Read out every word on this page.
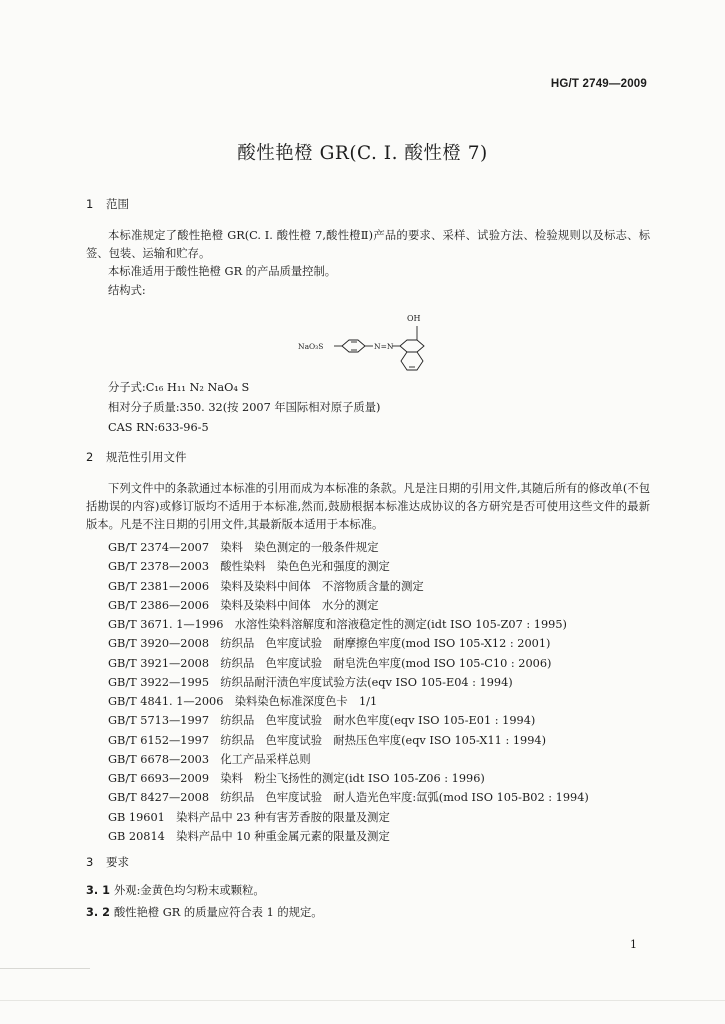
HG/T 2749—2009
酸性艳橙 GR(C. I. 酸性橙 7)
1 范围

本标准规定了酸性艳橙 GR(C. I. 酸性橙 7,酸性橙Ⅱ)产品的要求、采样、试验方法、检验规则以及标志、标签、包装、运输和贮存。

本标准适用于酸性艳橙 GR 的产品质量控制。

结构式:

OH
NaO₃S	N=N

分子式:C₁₆ H₁₁ N₂ NaO₄ S

相对分子质量:350. 32(按 2007 年国际相对原子质量)

CAS RN:633-96-5

2 规范性引用文件

下列文件中的条款通过本标准的引用而成为本标准的条款。凡是注日期的引用文件,其随后所有的修改单(不包括勘误的内容)或修订版均不适用于本标准,然而,鼓励根据本标准达成协议的各方研究是否可使用这些文件的最新版本。凡是不注日期的引用文件,其最新版本适用于本标准。

GB/T 2374—2007　染料　染色测定的一般条件规定
GB/T 2378—2003　酸性染料　染色色光和强度的测定
GB/T 2381—2006　染料及染料中间体　不溶物质含量的测定
GB/T 2386—2006　染料及染料中间体　水分的测定
GB/T 3671. 1—1996　水溶性染料溶解度和溶液稳定性的测定(idt ISO 105-Z07 : 1995)
GB/T 3920—2008　纺织品　色牢度试验　耐摩擦色牢度(mod ISO 105-X12 : 2001)
GB/T 3921—2008　纺织品　色牢度试验　耐皂洗色牢度(mod ISO 105-C10 : 2006)
GB/T 3922—1995　纺织品耐汗渍色牢度试验方法(eqv ISO 105-E04 : 1994)
GB/T 4841. 1—2006　染料染色标准深度色卡　1/1
GB/T 5713—1997　纺织品　色牢度试验　耐水色牢度(eqv ISO 105-E01 : 1994)
GB/T 6152—1997　纺织品　色牢度试验　耐热压色牢度(eqv ISO 105-X11 : 1994)
GB/T 6678—2003　化工产品采样总则
GB/T 6693—2009　染料　粉尘飞扬性的测定(idt ISO 105-Z06 : 1996)
GB/T 8427—2008　纺织品　色牢度试验　耐人造光色牢度:氙弧(mod ISO 105-B02 : 1994)
GB 19601　染料产品中 23 种有害芳香胺的限量及测定
GB 20814　染料产品中 10 种重金属元素的限量及测定
3 要求

3. 1 外观:金黄色均匀粉末或颗粒。

3. 2 酸性艳橙 GR 的质量应符合表 1 的规定。

1
